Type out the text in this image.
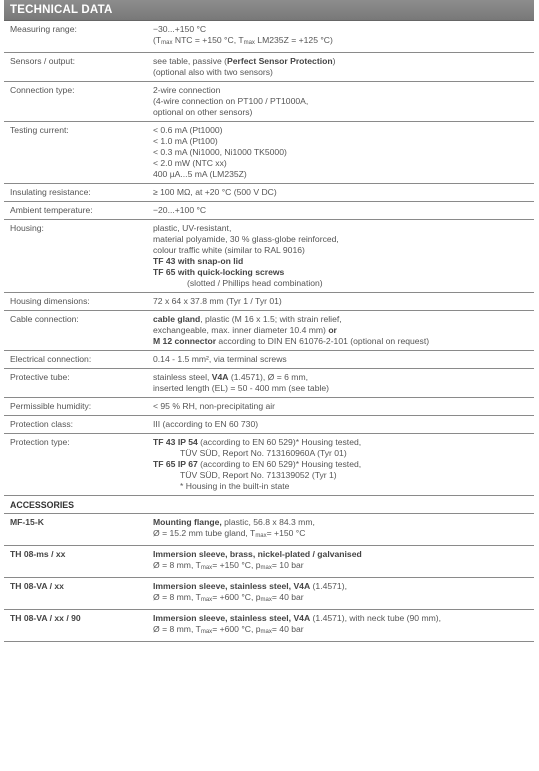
TECHNICAL DATA
Measuring range:	−30...+150 °C
($T_{max}$ NTC = +150 °C, $T_{max}$ LM235Z = +125 °C)
Sensors / output:	see table, passive (Perfect Sensor Protection)
(optional also with two sensors)
Connection type:	2-wire connection
(4-wire connection on PT100 / PT1000A,
optional on other sensors)
Testing current:	< 0.6 mA (Pt1000)
< 1.0 mA (Pt100)
< 0.3 mA (Ni1000, Ni1000 TK5000)
< 2.0 mW (NTC xx)
400 µA...5 mA (LM235Z)
Insulating resistance:	≥ 100 MΩ, at +20 °C (500 V DC)
Ambient temperature:	−20...+100 °C
Housing:	plastic, UV-resistant,
material polyamide, 30 % glass-globe reinforced,
colour traffic white (similar to RAL 9016)
TF 43 with snap-on lid
TF 65 with quick-locking screws
(slotted / Phillips head combination)
Housing dimensions:	72 x 64 x 37.8 mm (Tyr 1 / Tyr 01)
Cable connection:	cable gland, plastic (M 16 x 1.5; with strain relief,
exchangeable, max. inner diameter 10.4 mm) or
M 12 connector according to DIN EN 61076-2-101 (optional on request)
Electrical connection:	0.14 - 1.5 mm², via terminal screws
Protective tube:	stainless steel, V4A (1.4571), Ø = 6 mm,
inserted length (EL) = 50 - 400 mm (see table)
Permissible humidity:	< 95 % RH, non-precipitating air
Protection class:	III (according to EN 60 730)
Protection type:	TF 43 IP 54 (according to EN 60 529)* Housing tested,
TÜV SÜD, Report No. 713160960A (Tyr 01)
TF 65 IP 67 (according to EN 60 529)* Housing tested,
TÜV SÜD, Report No. 713139052 (Tyr 1)
* Housing in the built-in state
ACCESSORIES
MF-15-K	Mounting flange, plastic, 56.8 x 84.3 mm,
Ø = 15.2 mm tube gland, $T_{max}= +150$ °C
TH 08-ms / xx	Immersion sleeve, brass, nickel-plated / galvanised
Ø = 8 mm, $T_{max}= +150$ °C, $p_{max}= 10$ bar
TH 08-VA / xx	Immersion sleeve, stainless steel, V4A (1.4571),
Ø = 8 mm, $T_{max}= +600$ °C, $p_{max}= 40$ bar
TH 08-VA / xx / 90	Immersion sleeve, stainless steel, V4A (1.4571), with neck tube (90 mm),
Ø = 8 mm, $T_{max}= +600$ °C, $p_{max}= 40$ bar
